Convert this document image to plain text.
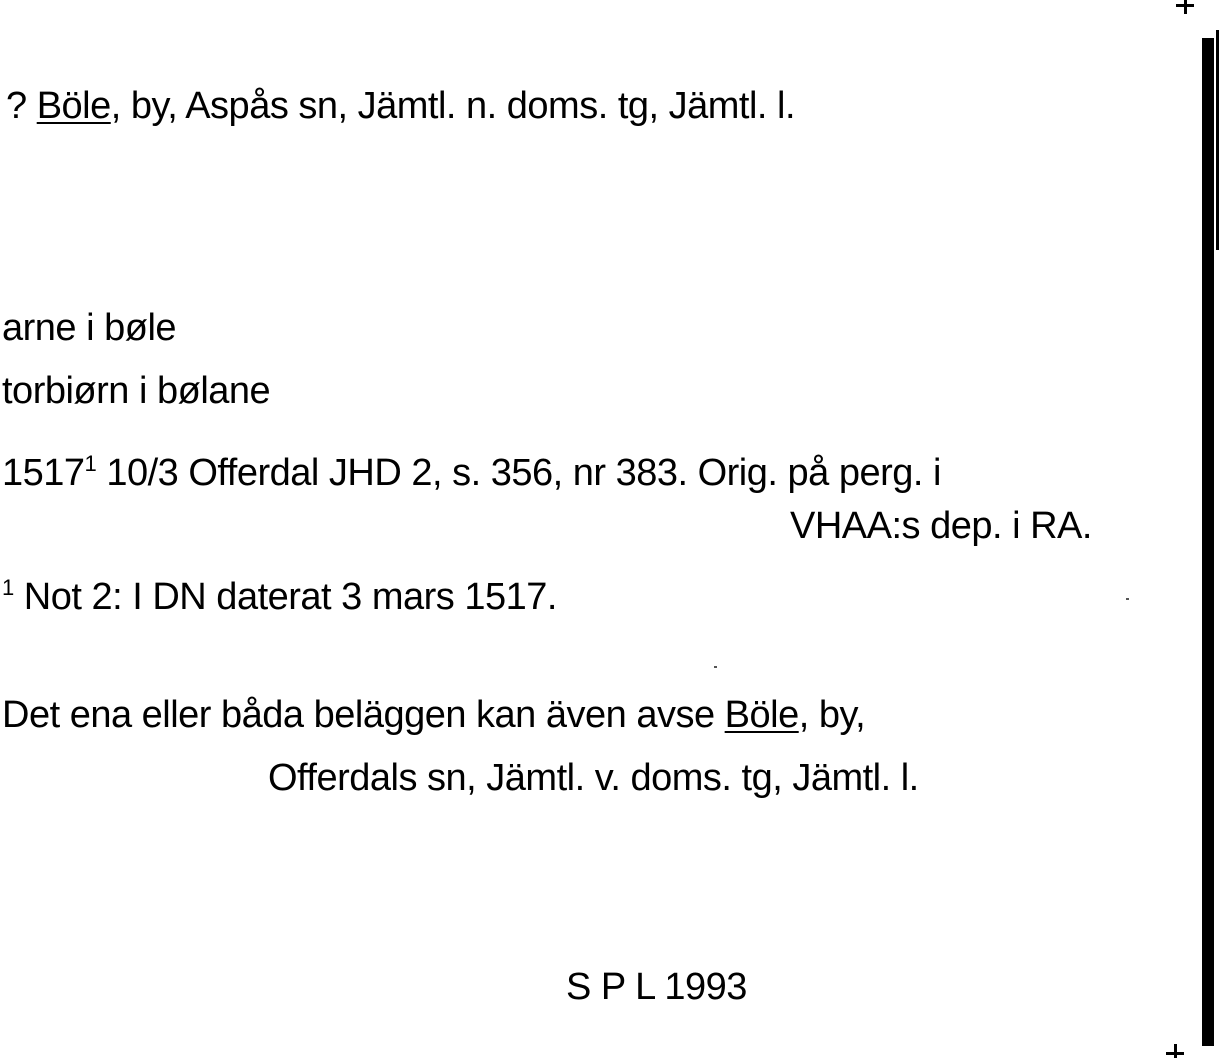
? Böle, by, Aspås sn, Jämtl. n. doms. tg, Jämtl. l.
arne i bøle
torbiørn i bølane
1517$^1$ 10/3 Offerdal JHD 2, s. 356, nr 383. Orig. på perg. i
VHAA:s dep. i RA.
$^1$ Not 2: I DN daterat 3 mars 1517.
Det ena eller båda beläggen kan även avse Böle, by,
Offerdals sn, Jämtl. v. doms. tg, Jämtl. l.
S P L 1993
